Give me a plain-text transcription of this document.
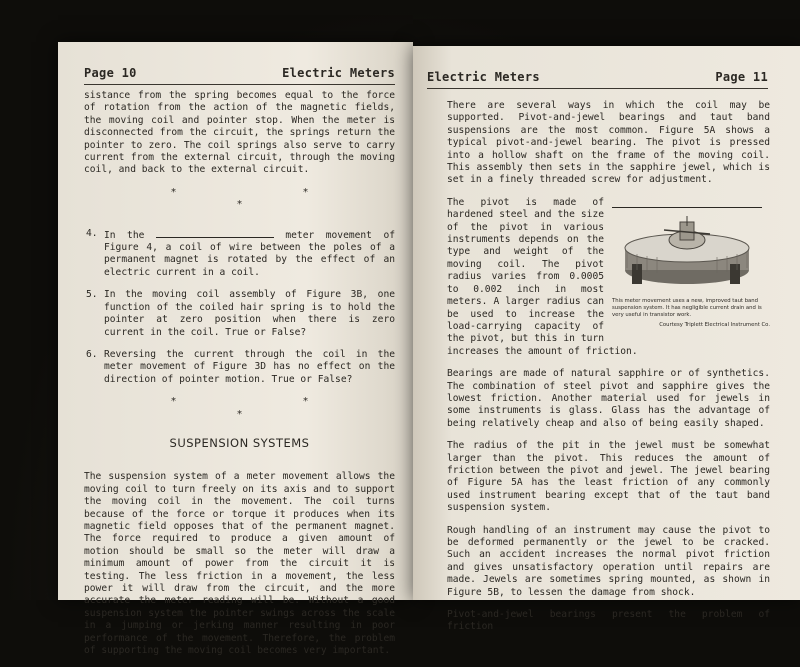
Page 10	Electric Meters

sistance from the spring becomes equal to the force of rotation from the action of the magnetic fields, the moving coil and pointer stop. When the meter is disconnected from the circuit, the springs return the pointer to zero. The coil springs also serve to carry current from the external circuit, through the moving coil, and back to the external circuit.

* * *
4. In the	meter movement of Figure 4, a coil of wire between the poles of a permanent magnet is rotated by the effect of an electric current in a coil.
5. In the moving coil assembly of Figure 3B, one function of the coiled hair spring is to hold the pointer at zero position when there is zero current in the coil. True or False?
6. Reversing the current through the coil in the meter movement of Figure 3D has no effect on the direction of pointer motion. True or False?
* * *
SUSPENSION SYSTEMS

The suspension system of a meter movement allows the moving coil to turn freely on its axis and to support the moving coil in the movement. The coil turns because of the force or torque it produces when its magnetic field opposes that of the permanent magnet. The force required to produce a given amount of motion should be small so the meter will draw a minimum amount of power from the circuit it is testing. The less friction in a movement, the less power it will draw from the circuit, and the more accurate the meter reading will be. Without a good suspension system the pointer swings across the scale in a jumping or jerking manner resulting in poor performance of the movement. Therefore, the problem of supporting the moving coil becomes very important.

Electric Meters	Page 11

There are several ways in which the coil may be supported. Pivot-and-jewel bearings and taut band suspensions are the most common. Figure 5A shows a typical pivot-and-jewel bearing. The pivot is pressed into a hollow shaft on the frame of the moving coil. This assembly then sets in the sapphire jewel, which is set in a finely threaded screw for adjustment.

This meter movement uses a new, improved taut band suspension system. It has negligible current drain and is very useful in transistor work.
Courtesy Triplett Electrical Instrument Co.

The pivot is made of hardened steel and the size of the pivot in various instruments depends on the type and weight of the moving coil. The pivot radius varies from 0.0005 to 0.002 inch in most meters. A larger radius can be used to increase the load-carrying capacity of the pivot, but this in turn increases the amount of friction.

Bearings are made of natural sapphire or of synthetics. The combination of steel pivot and sapphire gives the lowest friction. Another material used for jewels in some instruments is glass. Glass has the advantage of being relatively cheap and also of being easily shaped.

The radius of the pit in the jewel must be somewhat larger than the pivot. This reduces the amount of friction between the pivot and jewel. The jewel bearing of Figure 5A has the least friction of any commonly used instrument bearing except that of the taut band suspension system.

Rough handling of an instrument may cause the pivot to be deformed permanently or the jewel to be cracked. Such an accident increases the normal pivot friction and gives unsatisfactory operation until repairs are made. Jewels are sometimes spring mounted, as shown in Figure 5B, to lessen the damage from shock.

Pivot-and-jewel bearings present the problem of friction
